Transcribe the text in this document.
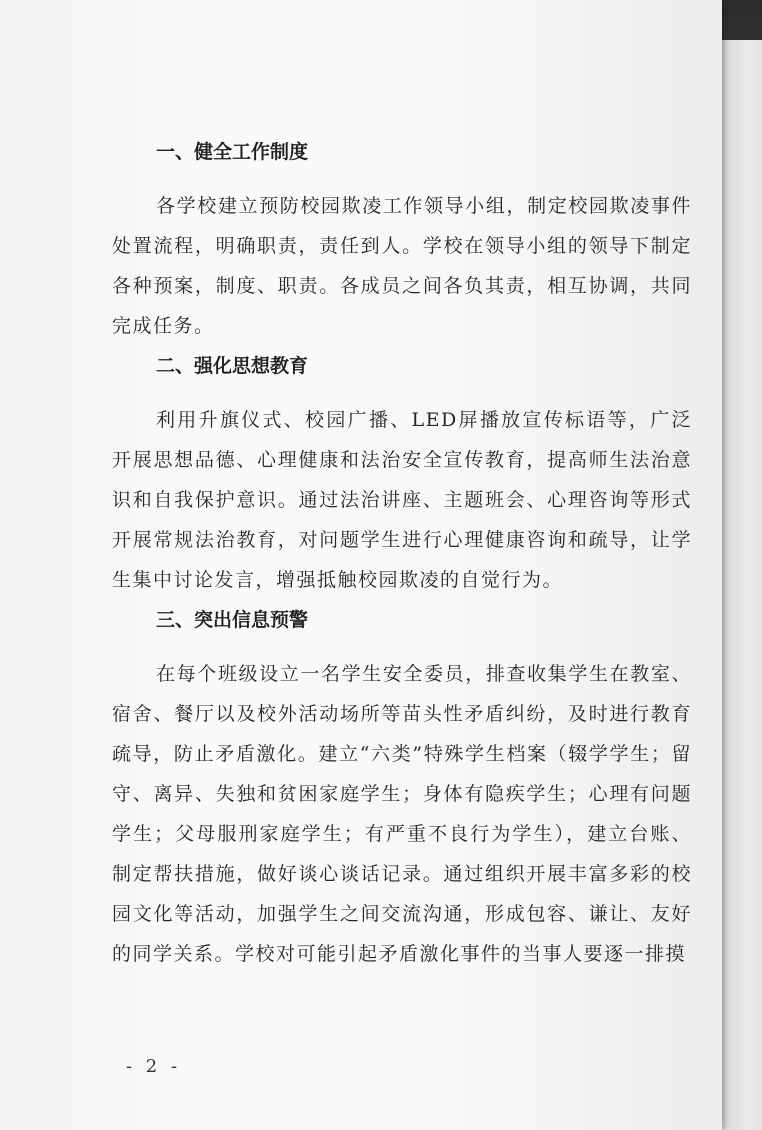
一、健全工作制度

各学校建立预防校园欺凌工作领导小组，制定校园欺凌事件处置流程，明确职责，责任到人。学校在领导小组的领导下制定各种预案，制度、职责。各成员之间各负其责，相互协调，共同完成任务。

二、强化思想教育

利用升旗仪式、校园广播、LED屏播放宣传标语等，广泛开展思想品德、心理健康和法治安全宣传教育，提高师生法治意识和自我保护意识。通过法治讲座、主题班会、心理咨询等形式开展常规法治教育，对问题学生进行心理健康咨询和疏导，让学生集中讨论发言，增强抵触校园欺凌的自觉行为。

三、突出信息预警

在每个班级设立一名学生安全委员，排查收集学生在教室、宿舍、餐厅以及校外活动场所等苗头性矛盾纠纷，及时进行教育疏导，防止矛盾激化。建立“六类”特殊学生档案（辍学学生；留守、离异、失独和贫困家庭学生；身体有隐疾学生；心理有问题学生；父母服刑家庭学生；有严重不良行为学生），建立台账、制定帮扶措施，做好谈心谈话记录。通过组织开展丰富多彩的校园文化等活动，加强学生之间交流沟通，形成包容、谦让、友好的同学关系。学校对可能引起矛盾激化事件的当事人要逐一排摸

- 2 -
